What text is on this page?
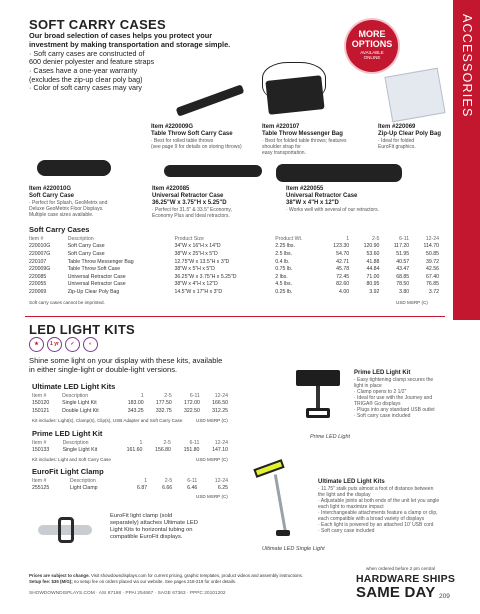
ACCESSORIES
SOFT CARRY CASES
Our broad selection of cases helps you protect your
investment by making transportation and storage simple.
· Soft carry cases are constructed of
600 denier polyester and feature straps
· Cases have a one-year warranty
(excludes the zip-up clear poly bag)
· Color of soft carry cases may vary
MORE
OPTIONS
AVAILABLE
ONLINE
Item #220009G
Table Throw Soft Carry Case
· Best for rolled table throws
(see page 9 for details on storing throws)
Item #220107
Table Throw Messenger Bag
· Best for folded table throws; features
shoulder strap for
easy transportation.
Item #220069
Zip-Up Clear Poly Bag
· Ideal for folded
EuroFit graphics.
Item #220010G
Soft Carry Case
· Perfect for Splash, GeoMetrix and
Deluxe GeoMetrix Floor Displays.
Multiple case sizes available.
Item #220085
Universal Retractor Case
36.25"W x 3.75"H x 5.25"D
· Perfect for 31.5" & 33.5" Economy,
Economy Plus and Ideal retractors.
Item #220055
Universal Retractor Case
38"W x 4"H x 12"D
· Works well with several of our retractors.
Soft Carry Cases
Item #	Description	Product Size	Product Wt.	1	2-5	6-11	12-24
220010G	Soft Carry Case	34"W x 16"H x 14"D	2.25 lbs.	123.30	120.90	117.20	114.70
220007G	Soft Carry Case	38"W x 25"H x 5"D	2.5 lbs.	54.70	53.60	51.95	50.85
220107	Table Throw Messenger Bag	12.75"W x 13.5"H x 3"D	0.4 lb.	42.71	41.88	40.57	39.72
220009G	Table Throw Soft Case	38"W x 5"H x 5"D	0.75 lb.	45.78	44.84	43.47	42.56
220085	Universal Retractor Case	36.25"W x 3.75"H x 5.25"D	2 lbs.	72.45	71.00	68.85	67.40
220055	Universal Retractor Case	38"W x 4"H x 12"D	4.5 lbs.	82.60	80.95	78.50	76.85
220069	Zip-Up Clear Poly Bag	14.5"W x 17"H x 3"D	0.25 lb.	4.00	3.92	3.80	3.72
Soft carry cases cannot be imprinted.	USD MSRP (C)
LED LIGHT KITS
★	1 yr	✓	◐
Shine some light on your display with these kits, available
in either single-light or double-light versions.
Ultimate LED Light Kits
Item #	Description	1	2-5	6-11	12-24
150120	Single Light Kit	183.00	177.50	172.00	166.50
150121	Double Light Kit	343.25	332.75	322.50	312.25
Kit includes: Light(s), Clamp(s), Clip(s), USB Adapter and Soft Carry Case	USD MSRP (C)
Prime LED Light Kit
Item #	Description	1	2-5	6-11	12-24
150133	Single Light Kit	161.60	156.80	151.80	147.10
Kit includes: Light and Soft Carry Case	USD MSRP (C)
EuroFit Light Clamp
Item #	Description	1	2-5	6-11	12-24
255125	Light Clamp	6.87	6.66	6.46	6.25
USD MSRP (C)
EuroFit light clamp (sold
separately) attaches Ultimate LED
Light Kits to horizontal tubing on
compatible EuroFit displays.
Prime LED Light
Ultimate LED Single Light
Prime LED Light Kit
· Easy tightening clamp secures the
light in place
· Clamp opens to 2 1/2"
· Ideal for use with the Journey and
TRIGA® Go displays
· Plugs into any standard USB outlet
· Soft carry case included
Ultimate LED Light Kits
· 11.75" stalk puts almost a foot of distance between
the light and the display
· Adjustable joints at both ends of the unit let you angle
each light to maximize impact
· Interchangeable attachments feature a clamp or clip,
each compatible with a broad variety of displays
· Each light is powered by an attached 10' USB cord
· Soft carry case included
Prices are subject to change. Visit showdowndisplays.com for current pricing, graphic templates, product videos and assembly instructions.
Setup fee: $35 (M/G); no setup fee on orders placed via our website. See pages 218-219 for order details.
SHOWDOWNDISPLAYS.COM · ASI 87168 · PPAI 254667 · SAGE 67363 · PPPC 20101202
when ordered before 2 pm central
HARDWARE SHIPS
SAME DAY 209
